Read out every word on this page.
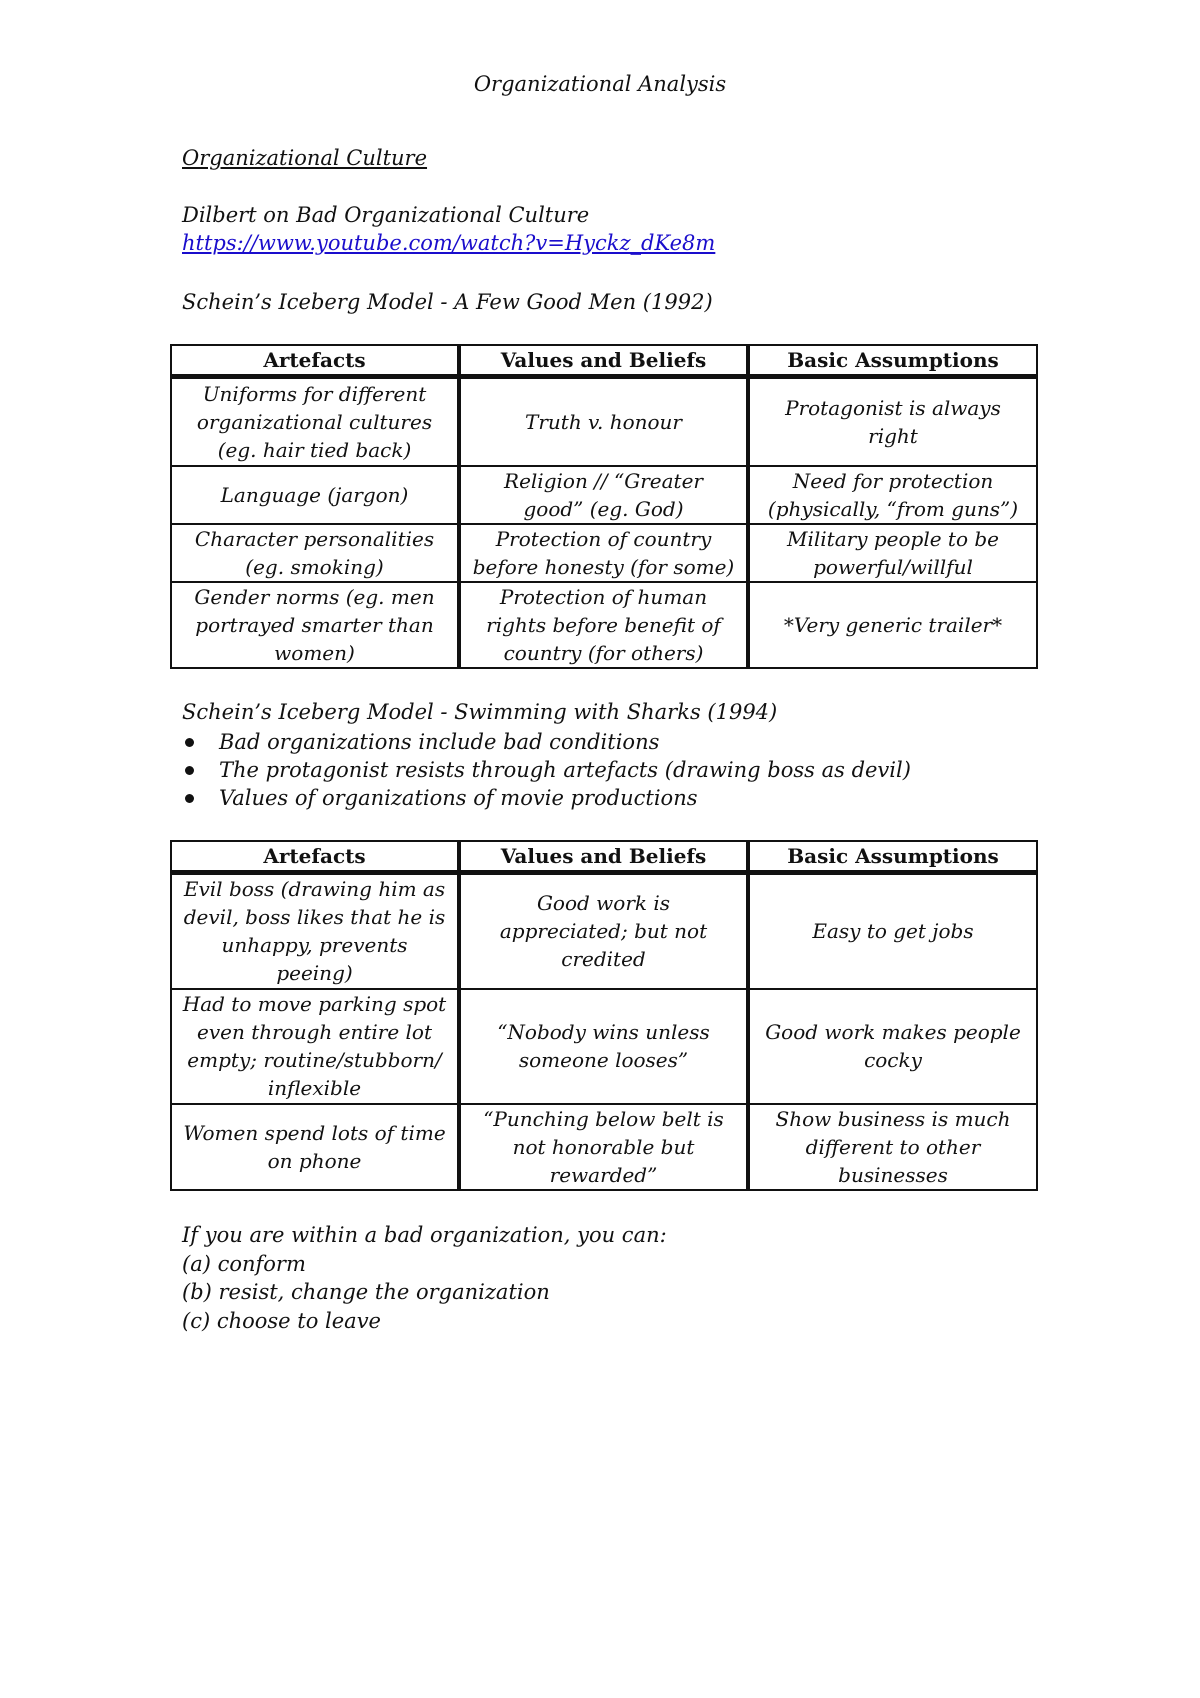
Organizational Analysis
Organizational Culture
Dilbert on Bad Organizational Culture
https://www.youtube.com/watch?v=Hyckz_dKe8m
Schein’s Iceberg Model - A Few Good Men (1992)
Artefacts	Values and Beliefs	Basic Assumptions
Uniforms for different organizational cultures (eg. hair tied back)	Truth v. honour	Protagonist is always right
Language (jargon)	Religion // “Greater good” (eg. God)	Need for protection (physically, “from guns”)
Character personalities (eg. smoking)	Protection of country before honesty (for some)	Military people to be powerful/willful
Gender norms (eg. men portrayed smarter than women)	Protection of human rights before benefit of country (for others)	*Very generic trailer*
Schein’s Iceberg Model - Swimming with Sharks (1994)
Bad organizations include bad conditions
The protagonist resists through artefacts (drawing boss as devil)
Values of organizations of movie productions
Artefacts	Values and Beliefs	Basic Assumptions
Evil boss (drawing him as devil, boss likes that he is unhappy, prevents peeing)	Good work is appreciated; but not credited	Easy to get jobs
Had to move parking spot even through entire lot empty; routine/stubborn/ inflexible	“Nobody wins unless someone looses”	Good work makes people cocky
Women spend lots of time on phone	“Punching below belt is not honorable but rewarded”	Show business is much different to other businesses
If you are within a bad organization, you can:
(a) conform
(b) resist, change the organization
(c) choose to leave
